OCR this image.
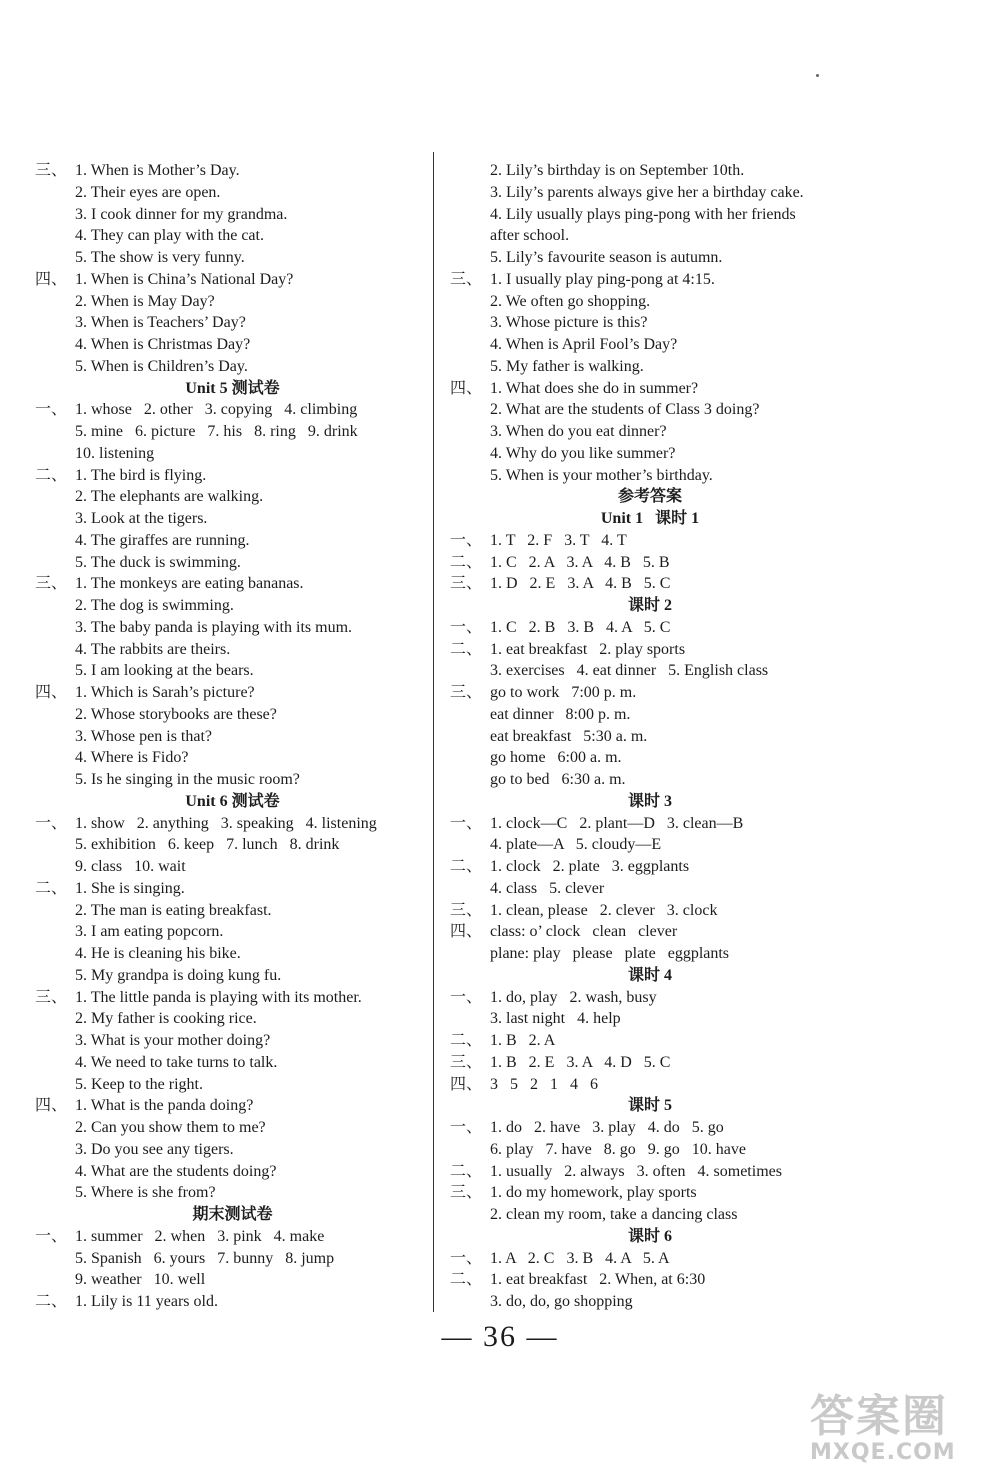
三、 1. When is Mother’s Day.
2. Their eyes are open.
3. I cook dinner for my grandma.
4. They can play with the cat.
5. The show is very funny.
四、 1. When is China’s National Day?
2. When is May Day?
3. When is Teachers’ Day?
4. When is Christmas Day?
5. When is Children’s Day.
Unit 5 测试卷
一、 1. whose   2. other   3. copying   4. climbing
5. mine   6. picture   7. his   8. ring   9. drink
10. listening
二、 1. The bird is flying.
2. The elephants are walking.
3. Look at the tigers.
4. The giraffes are running.
5. The duck is swimming.
三、 1. The monkeys are eating bananas.
2. The dog is swimming.
3. The baby panda is playing with its mum.
4. The rabbits are theirs.
5. I am looking at the bears.
四、 1. Which is Sarah’s picture?
2. Whose storybooks are these?
3. Whose pen is that?
4. Where is Fido?
5. Is he singing in the music room?
Unit 6 测试卷
一、 1. show   2. anything   3. speaking   4. listening
5. exhibition   6. keep   7. lunch   8. drink
9. class   10. wait
二、 1. She is singing.
2. The man is eating breakfast.
3. I am eating popcorn.
4. He is cleaning his bike.
5. My grandpa is doing kung fu.
三、 1. The little panda is playing with its mother.
2. My father is cooking rice.
3. What is your mother doing?
4. We need to take turns to talk.
5. Keep to the right.
四、 1. What is the panda doing?
2. Can you show them to me?
3. Do you see any tigers.
4. What are the students doing?
5. Where is she from?
期末测试卷
一、 1. summer   2. when   3. pink   4. make
5. Spanish   6. yours   7. bunny   8. jump
9. weather   10. well
二、 1. Lily is 11 years old.
2. Lily’s birthday is on September 10th.
3. Lily’s parents always give her a birthday cake.
4. Lily usually plays ping-pong with her friends
after school.
5. Lily’s favourite season is autumn.
三、 1. I usually play ping-pong at 4:15.
2. We often go shopping.
3. Whose picture is this?
4. When is April Fool’s Day?
5. My father is walking.
四、 1. What does she do in summer?
2. What are the students of Class 3 doing?
3. When do you eat dinner?
4. Why do you like summer?
5. When is your mother’s birthday.
参考答案
Unit 1   课时 1
一、 1. T   2. F   3. T   4. T
二、 1. C   2. A   3. A   4. B   5. B
三、 1. D   2. E   3. A   4. B   5. C
课时 2
一、 1. C   2. B   3. B   4. A   5. C
二、 1. eat breakfast   2. play sports
3. exercises   4. eat dinner   5. English class
三、 go to work   7:00 p. m.
eat dinner   8:00 p. m.
eat breakfast   5:30 a. m.
go home   6:00 a. m.
go to bed   6:30 a. m.
课时 3
一、 1. clock—C   2. plant—D   3. clean—B
4. plate—A   5. cloudy—E
二、 1. clock   2. plate   3. eggplants
4. class   5. clever
三、 1. clean, please   2. clever   3. clock
四、 class: o’ clock   clean   clever
plane: play   please   plate   eggplants
课时 4
一、 1. do, play   2. wash, busy
3. last night   4. help
二、 1. B   2. A
三、 1. B   2. E   3. A   4. D   5. C
四、 3   5   2   1   4   6
课时 5
一、 1. do   2. have   3. play   4. do   5. go
6. play   7. have   8. go   9. go   10. have
二、 1. usually   2. always   3. often   4. sometimes
三、 1. do my homework, play sports
2. clean my room, take a dancing class
课时 6
一、 1. A   2. C   3. B   4. A   5. A
二、 1. eat breakfast   2. When, at 6:30
3. do, do, go shopping
— 36 —
答案圈
MXQE.COM
